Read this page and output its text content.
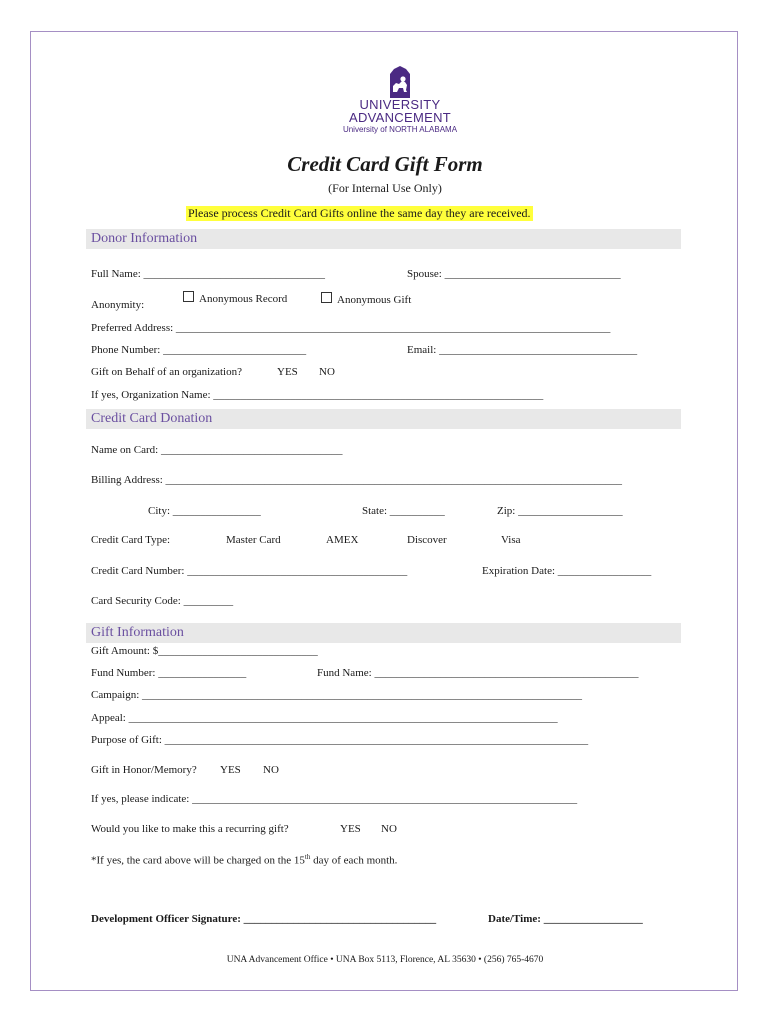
UNIVERSITY
ADVANCEMENT
University of NORTH ALABAMA
Credit Card Gift Form
(For Internal Use Only)
Please process Credit Card Gifts online the same day they are received.
Donor Information
Full Name: _________________________________	Spouse: ________________________________
Anonymity:	Anonymous Record	Anonymous Gift
Preferred Address: _______________________________________________________________________________
Phone Number: __________________________	Email: ____________________________________
Gift on Behalf of an organization?	YES NO
If yes, Organization Name: ____________________________________________________________
Credit Card Donation
Name on Card: _________________________________
Billing Address: ___________________________________________________________________________________
City: ________________	State: __________	Zip: ___________________
Credit Card Type:	Master Card	AMEX	Discover	Visa
Credit Card Number: ________________________________________	Expiration Date: _________________
Card Security Code: _________
Gift Information
Gift Amount: $_____________________________
Fund Number: ________________	Fund Name: ________________________________________________
Campaign: ________________________________________________________________________________
Appeal: ______________________________________________________________________________
Purpose of Gift: _____________________________________________________________________________
Gift in Honor/Memory? YES NO
If yes, please indicate: ______________________________________________________________________
Would you like to make this a recurring gift?	YES NO
*If yes, the card above will be charged on the 15th day of each month.
Development Officer Signature: ___________________________________	Date/Time: __________________
UNA Advancement Office • UNA Box 5113, Florence, AL 35630 • (256) 765-4670
